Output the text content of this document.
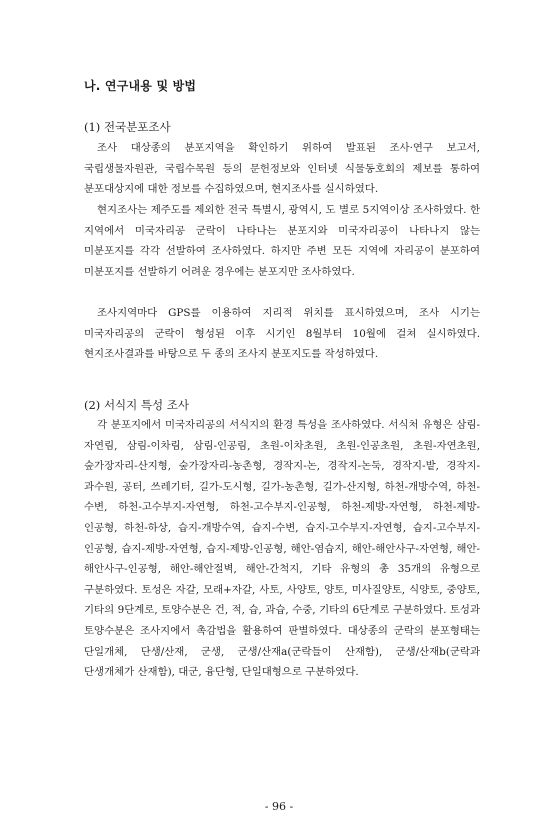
나. 연구내용 및 방법
(1) 전국분포조사

조사 대상종의 분포지역을 확인하기 위하여 발표된 조사·연구 보고서, 국립생물자원관, 국립수목원 등의 문헌정보와 인터넷 식물동호회의 제보를 통하여 분포대상지에 대한 정보를 수집하였으며, 현지조사를 실시하였다.

현지조사는 제주도를 제외한 전국 특별시, 광역시, 도 별로 5지역이상 조사하였다. 한 지역에서 미국자리공 군락이 나타나는 분포지와 미국자리공이 나타나지 않는 미분포지를 각각 선발하여 조사하였다. 하지만 주변 모든 지역에 자리공이 분포하여 미분포지를 선발하기 어려운 경우에는 분포지만 조사하였다.

조사지역마다 GPS를 이용하여 지리적 위치를 표시하였으며, 조사 시기는 미국자리공의 군락이 형성된 이후 시기인 8월부터 10월에 걸쳐 실시하였다. 현지조사결과를 바탕으로 두 종의 조사지 분포지도를 작성하였다.

(2) 서식지 특성 조사

각 분포지에서 미국자리공의 서식지의 환경 특성을 조사하였다. 서식처 유형은 삼림-자연림, 삼림-이차림, 삼림-인공림, 초원-이차초원, 초원-인공초원, 초원-자연초원, 숲가장자리-산지형, 숲가장자리-농촌형, 경작지-논, 경작지-논둑, 경작지-밭, 경작지-과수원, 공터, 쓰레기터, 길가-도시형, 길가-농촌형, 길가-산지형, 하천-개방수역, 하천-수변, 하천-고수부지-자연형, 하천-고수부지-인공형, 하천-제방-자연형, 하천-제방-인공형, 하천-하상, 습지-개방수역, 습지-수변, 습지-고수부지-자연형, 습지-고수부지-인공형, 습지-제방-자연형, 습지-제방-인공형, 해안-염습지, 해안-해안사구-자연형, 해안-해안사구-인공형, 해안-해안절벽, 해안-간척지, 기타 유형의 총 35개의 유형으로 구분하였다. 토성은 자갈, 모래+자갈, 사토, 사양토, 양토, 미사질양토, 식양토, 중양토, 기타의 9단계로, 토양수분은 건, 적, 습, 과습, 수중, 기타의 6단계로 구분하였다. 토성과 토양수분은 조사지에서 촉감법을 활용하여 판별하였다. 대상종의 군락의 분포형태는 단일개체, 단생/산재, 군생, 군생/산재a(군락들이 산재함), 군생/산재b(군락과 단생개체가 산재함), 대군, 융단형, 단일대형으로 구분하였다.

- 96 -
